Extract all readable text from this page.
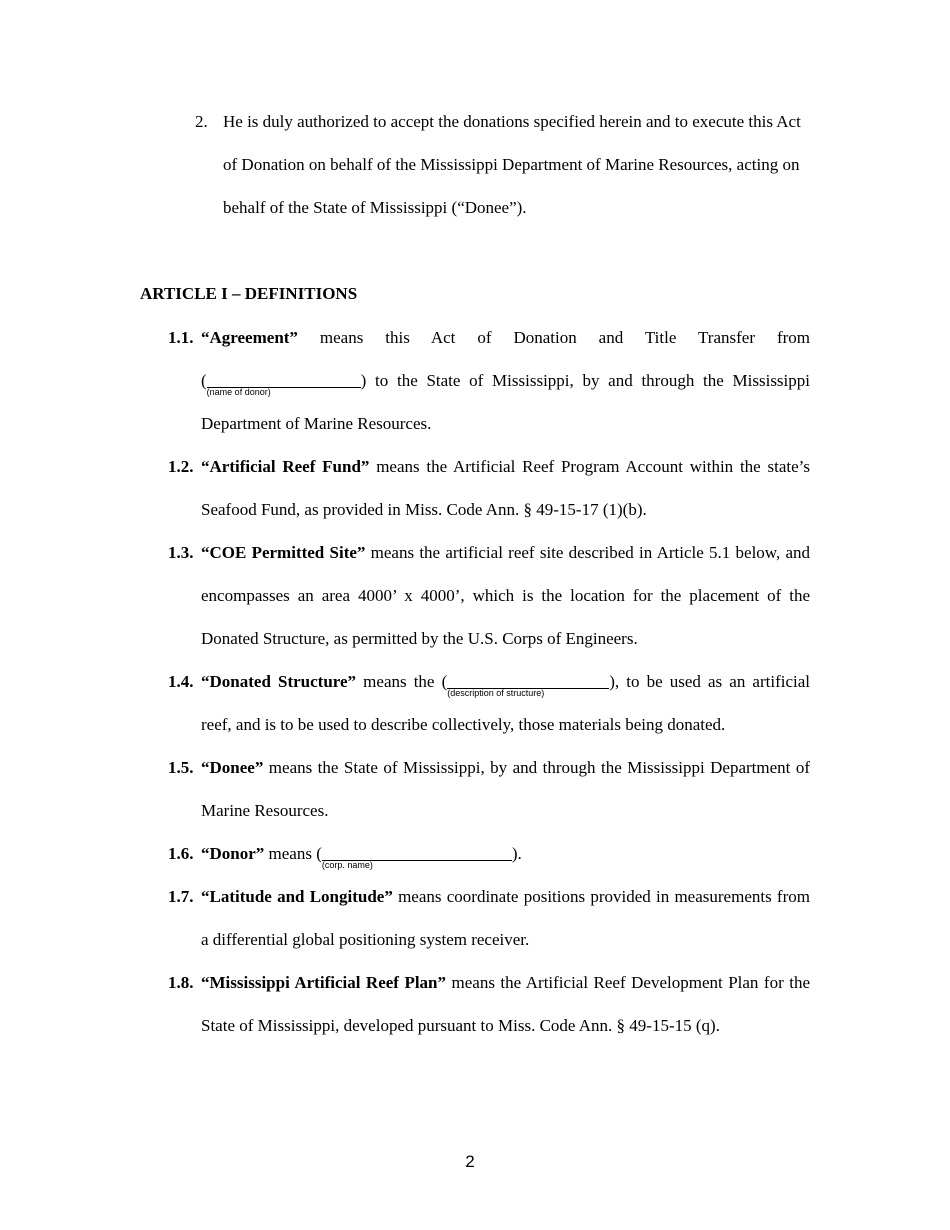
2. He is duly authorized to accept the donations specified herein and to execute this Act of Donation on behalf of the Mississippi Department of Marine Resources, acting on behalf of the State of Mississippi (“Donee”).
ARTICLE I – DEFINITIONS
1.1. “Agreement” means this Act of Donation and Title Transfer from
(
(name of donor)
) to the State of Mississippi, by and through the Mississippi Department of Marine Resources.
1.2. “Artificial Reef Fund” means the Artificial Reef Program Account within the state’s Seafood Fund, as provided in Miss. Code Ann. § 49-15-17 (1)(b).
1.3. “COE Permitted Site” means the artificial reef site described in Article 5.1 below, and encompasses an area 4000’ x 4000’, which is the location for the placement of the Donated Structure, as permitted by the U.S. Corps of Engineers.
1.4. “Donated Structure” means the (
(description of structure)
), to be used as an artificial reef, and is to be used to describe collectively, those materials being donated.
1.5. “Donee” means the State of Mississippi, by and through the Mississippi Department of Marine Resources.
1.6. “Donor” means (
(corp. name)
).
1.7. “Latitude and Longitude” means coordinate positions provided in measurements from a differential global positioning system receiver.
1.8. “Mississippi Artificial Reef Plan” means the Artificial Reef Development Plan for the State of Mississippi, developed pursuant to Miss. Code Ann. § 49-15-15 (q).
2
